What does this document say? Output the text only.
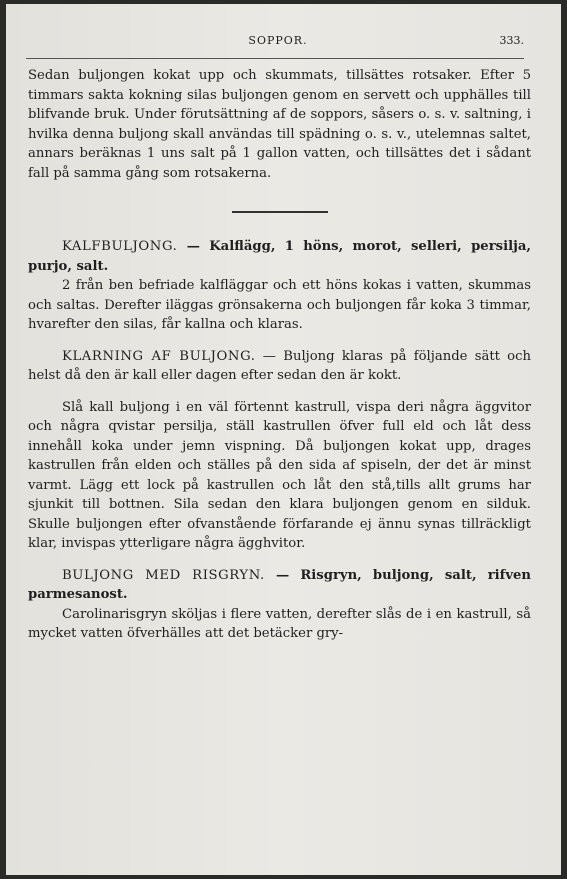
SOPPOR.	333.

Sedan buljongen kokat upp och skummats, tillsättes rotsaker. Efter 5 timmars sakta kokning silas buljongen genom en servett och upphälles till blifvande bruk. Under förutsättning af de soppors, såsers o. s. v. saltning, i hvilka denna buljong skall användas till spädning o. s. v., utelemnas saltet, annars beräknas 1 uns salt på 1 gallon vatten, och tillsättes det i sådant fall på samma gång som rotsakerna.

KALFBULJONG. — Kalflägg, 1 höns, morot, selleri, persilja, purjo, salt.

2 från ben befriade kalfläggar och ett höns kokas i vatten, skummas och saltas. Derefter iläggas grönsakerna och buljongen får koka 3 timmar, hvarefter den silas, får kallna och klaras.

KLARNING AF BULJONG. — Buljong klaras på följande sätt och helst då den är kall eller dagen efter sedan den är kokt.

Slå kall buljong i en väl förtennt kastrull, vispa deri några äggvitor och några qvistar persilja, ställ kastrullen öfver full eld och låt dess innehåll koka under jemn vispning. Då buljongen kokat upp, drages kastrullen från elden och ställes på den sida af spiseln, der det är minst varmt. Lägg ett lock på kastrullen och låt den stå,tills allt grums har sjunkit till bottnen. Sila sedan den klara buljongen genom en silduk. Skulle buljongen efter ofvanstående förfarande ej ännu synas tillräckligt klar, invispas ytterligare några ägghvitor.

BULJONG MED RISGRYN. — Risgryn, buljong, salt, rifven parmesanost.

Carolinarisgryn sköljas i flere vatten, derefter slås de i en kastrull, så mycket vatten öfverhälles att det betäcker gry-
